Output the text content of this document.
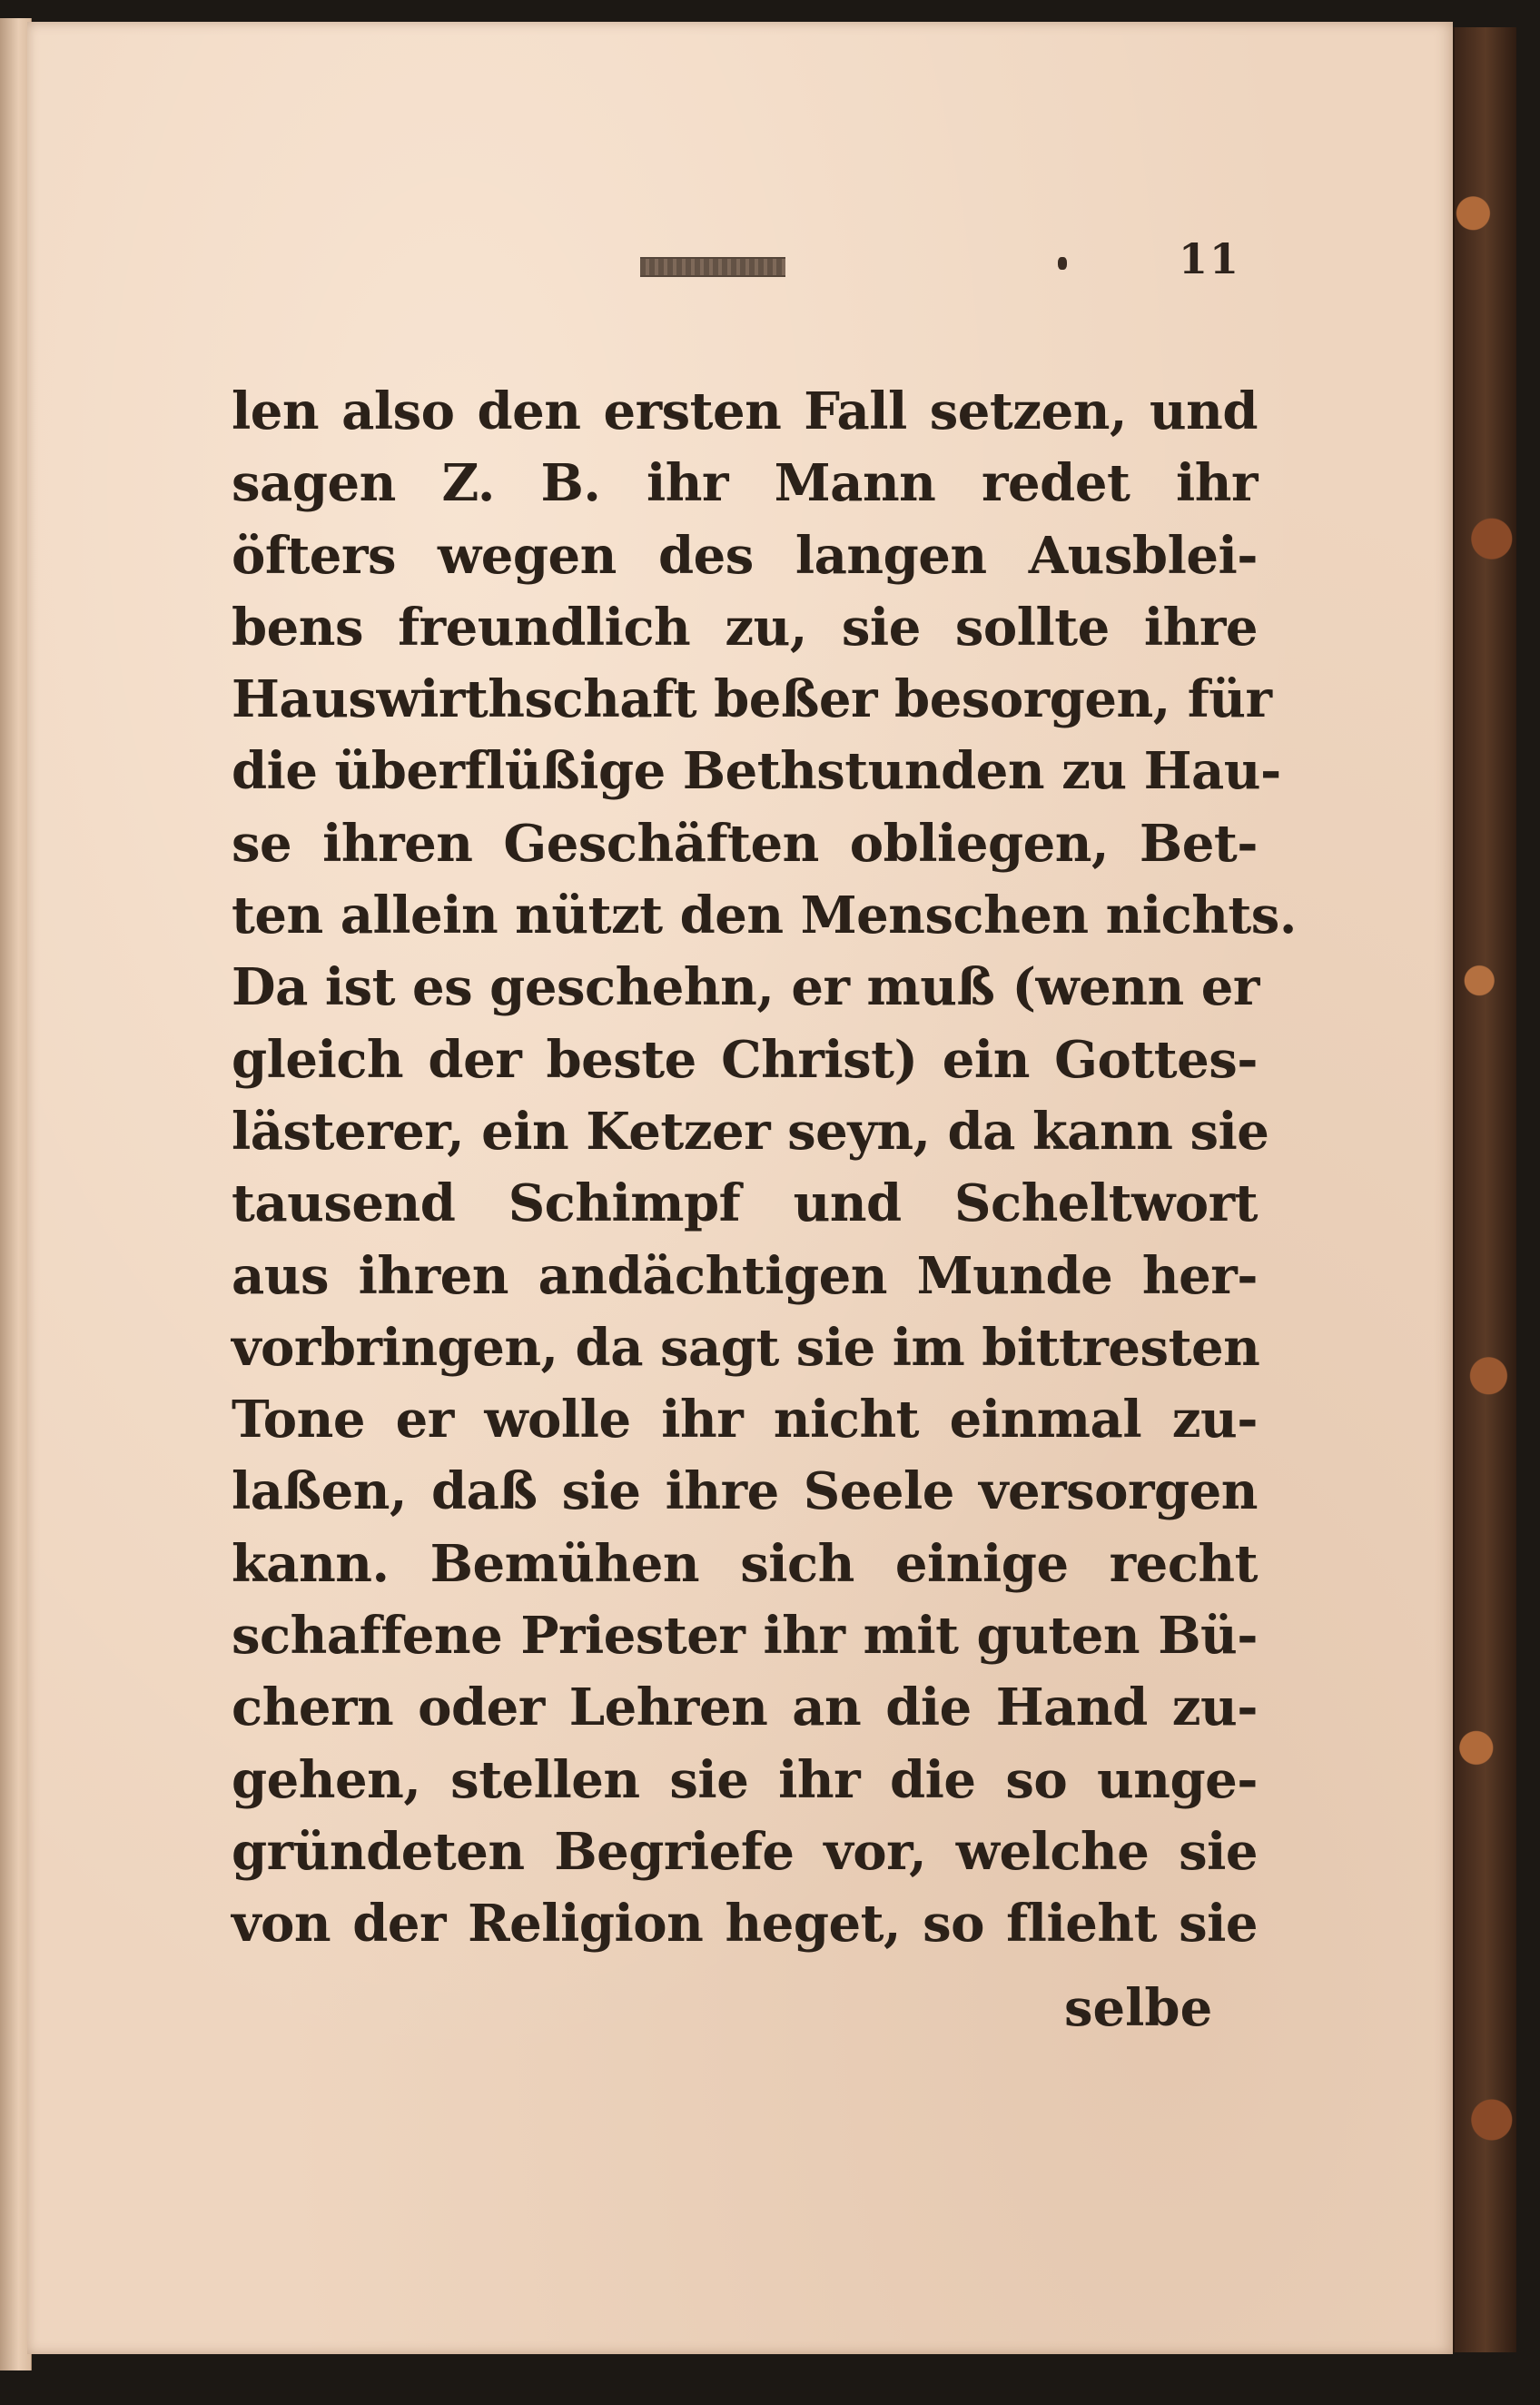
11
len also den ersten Fall setzen, und
sagen Z. B. ihr Mann redet ihr
öfters wegen des langen Ausblei-
bens freundlich zu, sie sollte ihre
Hauswirthschaft beßer besorgen, für
die überflüßige Bethstunden zu Hau-
se ihren Geschäften obliegen, Bet-
ten allein nützt den Menschen nichts.
Da ist es geschehn, er muß (wenn er
gleich der beste Christ) ein Gottes-
lästerer, ein Ketzer seyn, da kann sie
tausend Schimpf und Scheltwort
aus ihren andächtigen Munde her-
vorbringen, da sagt sie im bittresten
Tone er wolle ihr nicht einmal zu-
laßen, daß sie ihre Seele versorgen
kann. Bemühen sich einige recht
schaffene Priester ihr mit guten Bü-
chern oder Lehren an die Hand zu-
gehen, stellen sie ihr die so unge-
gründeten Begriefe vor, welche sie
von der Religion heget, so flieht sie
selbe
